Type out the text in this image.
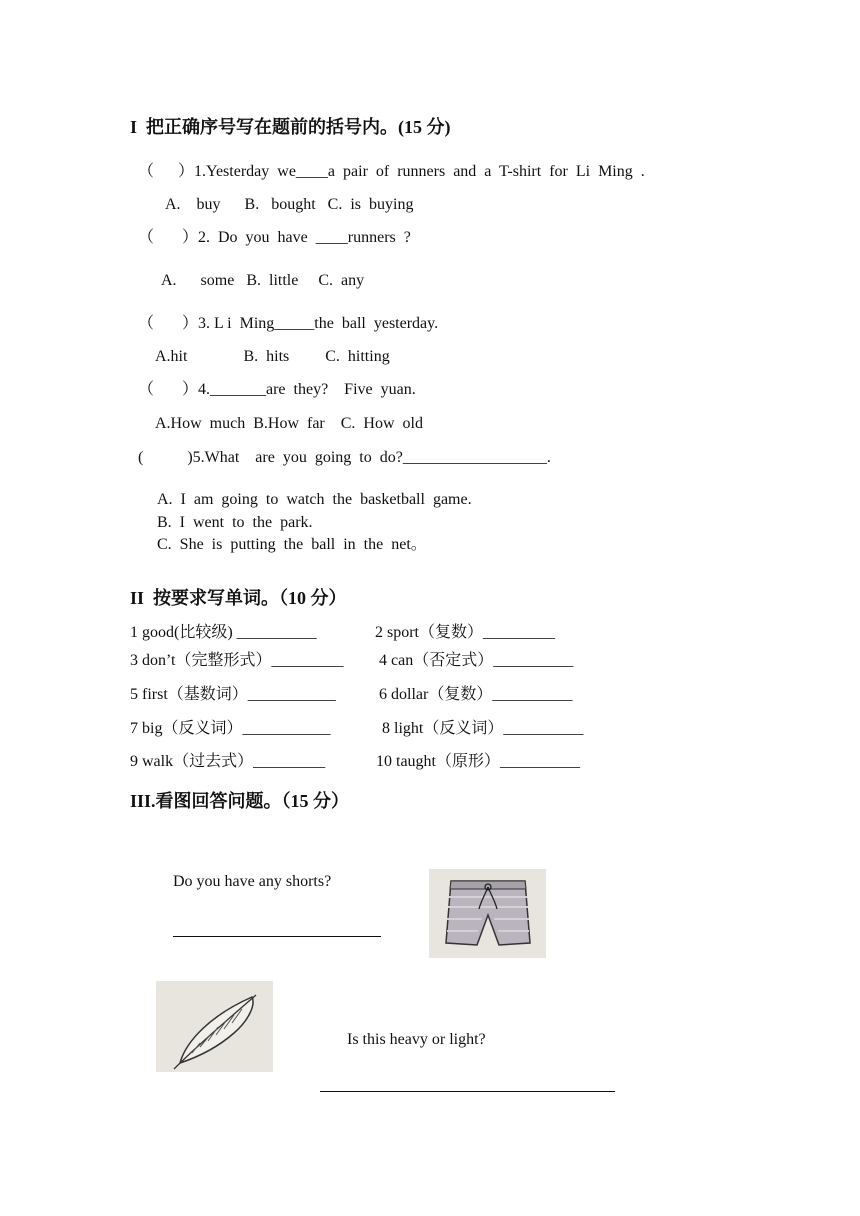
I  把正确序号写在题前的括号内。(15 分)
（      ）1.Yesterday  we____a  pair  of  runners  and  a  T-shirt  for  Li  Ming  .
A.    buy      B.   bought   C.  is  buying
（       ）2.  Do  you  have  ____runners  ?
A.      some   B.  little     C.  any
（       ）3. L i  Ming_____the  ball  yesterday.
A.hit              B.  hits         C.  hitting
（       ）4._______are  they?    Five  yuan.
A.How  much  B.How  far    C.  How  old
(           )5.What    are  you  going  to  do?__________________.
A.  I  am  going  to  watch  the  basketball  game.
B.  I  went  to  the  park.
C.  She  is  putting  the  ball  in  the  net。
II  按要求写单词。（10 分）
1 good(比较级) __________	2 sport（复数）_________
3 don’t（完整形式）_________ 4 can（否定式）__________
5 first（基数词）___________	6 dollar（复数）__________
7 big（反义词）___________	8 light（反义词）__________
9 walk（过去式）_________	10 taught（原形）__________
III.看图回答问题。（15 分）
Do you have any shorts?
Is this heavy or light?
